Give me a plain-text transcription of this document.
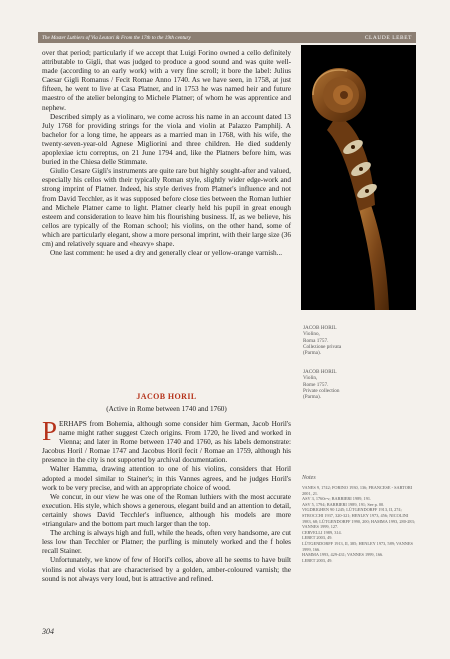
The Master Luthiers of Via Leutari & From the 17th to the 19th century	CLAUDE LEBET

over that period; particularly if we accept that Luigi Forino owned a cello definitely attributable to Gigli, that was judged to produce a good sound and was quite well-made (according to an early work) with a very fine scroll; it bore the label: Julius Caesar Gigli Romanus / Fecit Romae Anno 1740. As we have seen, in 1758, at just fifteen, he went to live at Casa Platner, and in 1753 he was named heir and future maestro of the atelier belonging to Michele Platner; of whom he was apprentice and nephew.

Described simply as a violinaro, we come across his name in an account dated 13 July 1768 for providing strings for the viola and violin at Palazzo Pamphilj. A bachelor for a long time, he appears as a married man in 1768, with his wife, the twenty-seven-year-old Agnese Migliorini and three children. He died suddenly apoplexiae ictu correptus, on 21 June 1794 and, like the Platners before him, was buried in the Chiesa delle Stimmate.

Giulio Cesare Gigli's instruments are quite rare but highly sought-after and valued, especially his cellos with their typically Roman style, slightly wider edge-work and strong imprint of Platner. Indeed, his style derives from Platner's influence and not from David Tecchler, as it was supposed before close ties between the Roman luthier and Michele Platner came to light. Platner clearly held his pupil in great enough esteem and consideration to leave him his flourishing business. If, as we believe, his cellos are typically of the Roman school; his violins, on the other hand, some of which are particularly elegant, show a more personal imprint, with their large size (36 cm) and relatively square and «heavy» shape.

One last comment: he used a dry and generally clear or yellow-orange varnish...

JACOB HORIL
(Active in Rome between 1740 and 1760)

PERHAPS from Bohemia, although some consider him German, Jacob Horil's name might rather suggest Czech origins. From 1720, he lived and worked in Vienna; and later in Rome between 1740 and 1760, as his labels demonstrate: Jacobus Horil / Romae 1747 and Jacobus Horil fecit / Romae an 1759, although his presence in the city is not supported by archival documentation.

Walter Hamma, drawing attention to one of his violins, considers that Horil adopted a model similar to Stainer's; in this Vannes agrees, and he judges Horil's work to be very precise, and with an appropriate choice of wood.

We concur, in our view he was one of the Roman luthiers with the most accurate execution. His style, which shows a generous, elegant build and an attention to detail, certainly shows David Tecchler's influence, although his models are more «triangular» and the bottom part much larger than the top.

The arching is always high and full, while the heads, often very handsome, are cut less low than Tecchler or Platner; the purfling is minutely worked and the f holes recall Stainer.

Unfortunately, we know of few of Horil's cellos, above all he seems to have built violins and violas that are characterised by a golden, amber-coloured varnish; the sound is not always very loud, but is attractive and refined.

JACOB HORIL
Violino,
Roma 1757.
Collezione privata
(Parma).
JACOB HORIL
Violin,
Rome 1757.
Private collection
(Parma).
Notes
VANES 9, 1742; FORINO 1930, 136; FRANCESE - SARTORI 2001, 21.
ASV 3, 1760r-v; BARBIERI 1989, 191.
ASV 5, 1794; BARBIERI 1989, 191; See p. 00.
VIGDRIGHEN 90 1245; LÜTGENDORFF 1913, II, 274; STROCCHI 1937, 320-321; HENLEY 1973, 456; NICOLINI 1983, 68; LÜTGENDORFF 1990, 200; HAMMA 1993, 280-283; VANNES 1999, 127.
CERVELLI 1989, 314.
LEBET 2003, 49.
LÜTGENDORFF 1913, II, 385; HENLEY 1973, 589; VANNES 1999, 166.
HAMMA 1993, 429-431; VANNES 1999, 166.
LEBET 2003, 49.
304
